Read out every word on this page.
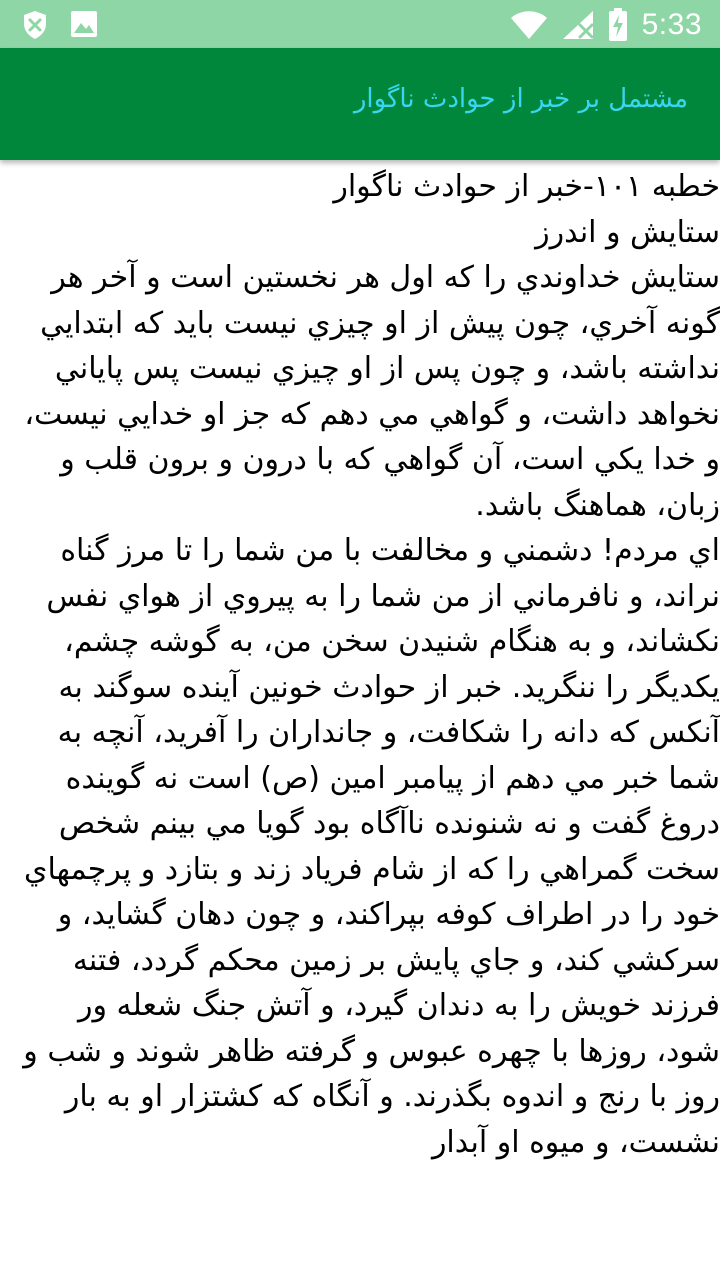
5:33
مشتمل بر خبر از حوادث ناگوار

خطبه ۱۰۱-خبر از حوادث ناگوار

ستايش و اندرز

ستايش خداوندي را كه اول هر نخستين است و آخر هر گونه آخري، چون پيش از او چيزي نيست بايد كه ابتدايي نداشته باشد، و چون پس از او چيزي نيست پس پاياني نخواهد داشت، و گواهي مي دهم كه جز او خدايي نيست، و خدا يكي است، آن گواهي كه با درون و برون قلب و زبان، هماهنگ باشد.

اي مردم! دشمني و مخالفت با من شما را تا مرز گناه نراند، و نافرماني از من شما را به پيروي از هواي نفس نكشاند، و به هنگام شنيدن سخن من، به گوشه چشم، يكديگر را ننگريد. خبر از حوادث خونين آينده سوگند به آنكس كه دانه را شكافت، و جانداران را آفريد، آنچه به شما خبر مي دهم از پيامبر امين (ص) است نه گوينده دروغ گفت و نه شنونده ناآگاه بود گويا مي بينم شخص سخت گمراهي را كه از شام فرياد زند و بتازد و پرچمهاي خود را در اطراف كوفه بپراكند، و چون دهان گشايد، و سركشي كند، و جاي پايش بر زمين محكم گردد، فتنه فرزند خويش را به دندان گيرد، و آتش جنگ شعله ور شود، روزها با چهره عبوس و گرفته ظاهر شوند و شب و روز با رنج و اندوه بگذرند. و آنگاه كه كشتزار او به بار نشست، و ميوه او آبدار
